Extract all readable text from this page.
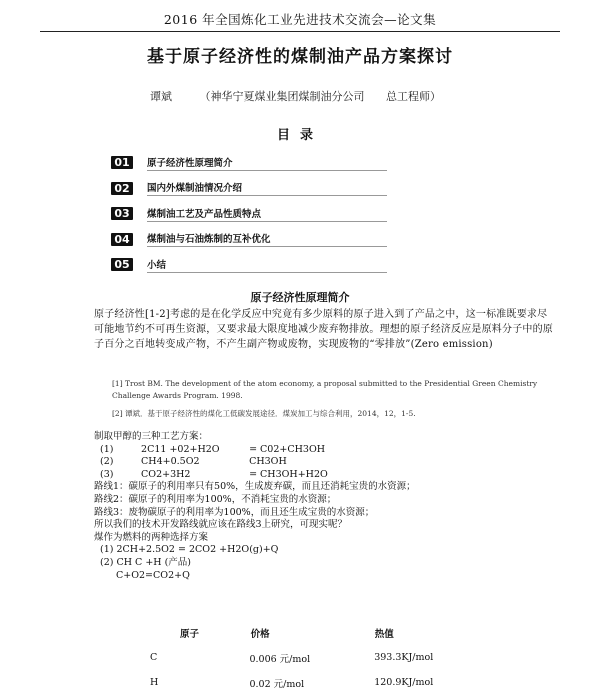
2016 年全国炼化工业先进技术交流会—论文集
基于原子经济性的煤制油产品方案探讨
谭斌	（神华宁夏煤业集团煤制油分公司 总工程师）
目录
01	原子经济性原理简介
02	国内外煤制油情况介绍
03	煤制油工艺及产品性质特点
04	煤制油与石油炼制的互补优化
05	小结
原子经济性原理简介

原子经济性[1-2]考虑的是在化学反应中究竟有多少原料的原子进入到了产品之中，这一标准既要求尽可能地节约不可再生资源，又要求最大限度地减少废弃物排放。理想的原子经济反应是原料分子中的原子百分之百地转变成产物，不产生副产物或废物，实现废物的“零排放”(Zero emission)

[1] Trost BM. The development of the atom economy, a proposal submitted to the Presidential Green Chemistry Challenge Awards Program. 1998.
[2] 谭斌．基于原子经济性的煤化工低碳发展途径．煤炭加工与综合利用，2014，12，1-5.
制取甲醇的三种工艺方案：
(1)	2C11 +02+H2O	= C02+CH3OH
(2)	CH4+0.5O2	CH3OH
(3)	CO2+3H2	= CH3OH+H2O
路线1：碳原子的利用率只有50%，生成废弃碳，而且还消耗宝贵的水资源；
路线2：碳原子的利用率为100%，不消耗宝贵的水资源；
路线3：废物碳原子的利用率为100%，而且还生成宝贵的水资源；
所以我们的技术开发路线就应该在路线3上研究，可现实呢？
煤作为燃料的两种选择方案
(1) 2CH+2.5O2 = 2CO2 +H2O(g)+Q
(2) CH C +H (产品)
C+O2=CO2+Q
原子	价格	热值
C	0.006 元/mol	393.3KJ/mol
H	0.02 元/mol	120.9KJ/mol
